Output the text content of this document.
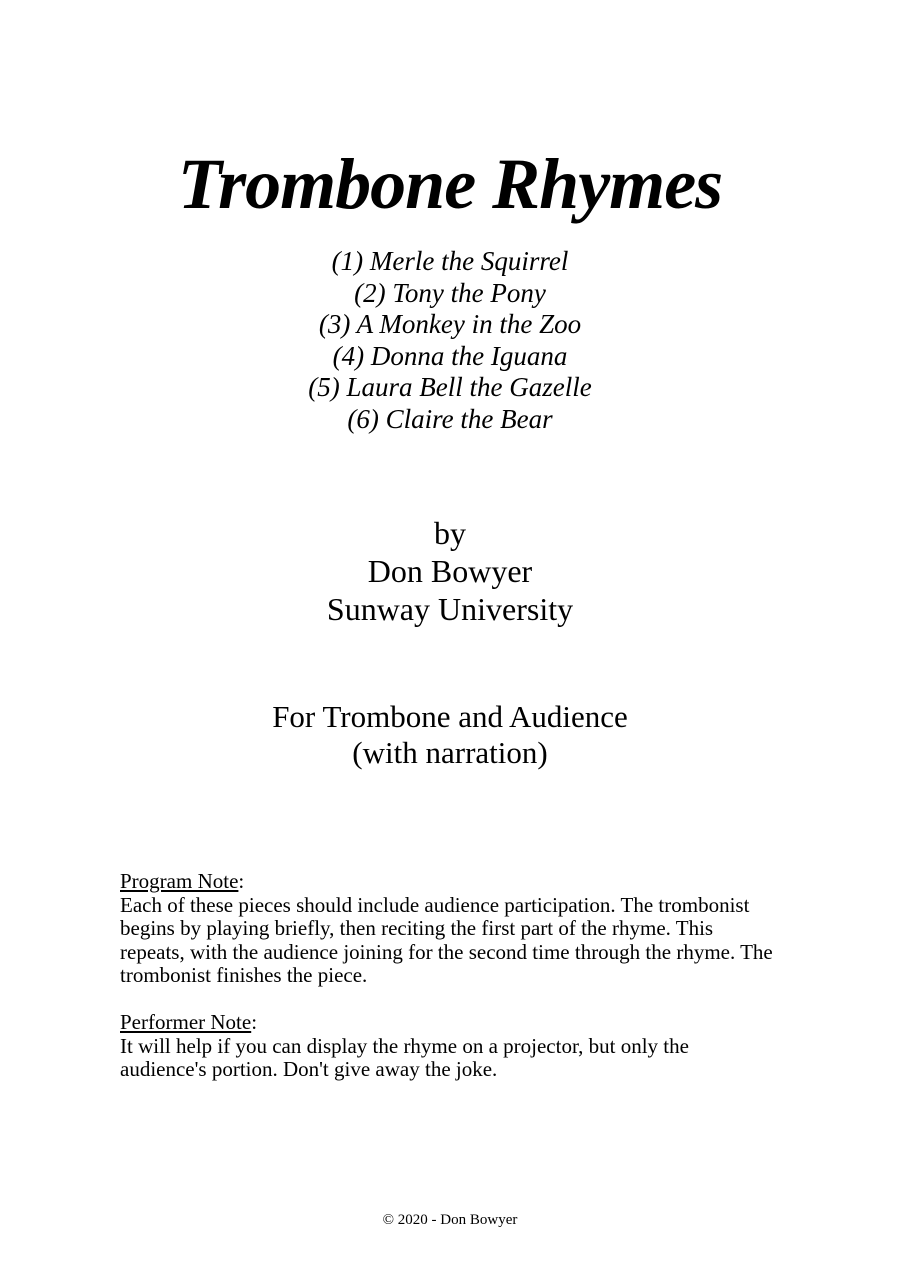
Trombone Rhymes
(1) Merle the Squirrel
(2) Tony the Pony
(3) A Monkey in the Zoo
(4) Donna the Iguana
(5) Laura Bell the Gazelle
(6) Claire the Bear
by
Don Bowyer
Sunway University
For Trombone and Audience
(with narration)
Program Note:
Each of these pieces should include audience participation. The trombonist
begins by playing briefly, then reciting the first part of the rhyme. This
repeats, with the audience joining for the second time through the rhyme. The
trombonist finishes the piece.
Performer Note:
It will help if you can display the rhyme on a projector, but only the
audience's portion. Don't give away the joke.
© 2020 - Don Bowyer
